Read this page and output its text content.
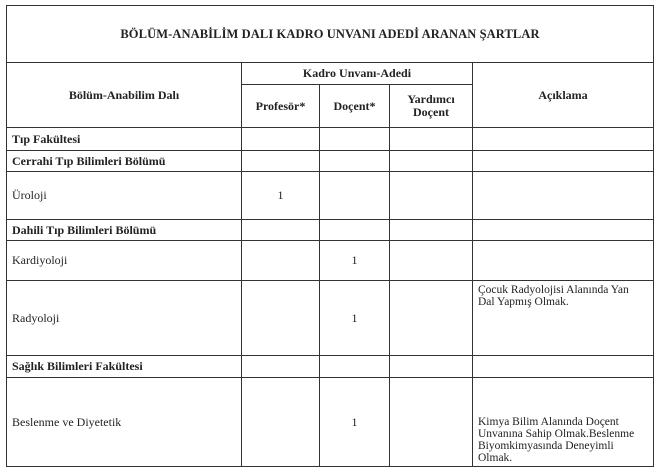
BÖLÜM-ANABİLİM DALI KADRO UNVANI ADEDİ ARANAN ŞARTLAR				
Bölüm-Anabilim Dalı	Kadro Unvanı-Adedi			Açıklama
	Profesör*	Doçent*	Yardımcı Doçent	
Tıp Fakültesi				
Cerrahi Tıp Bilimleri Bölümü				
Üroloji	1			
Dahili Tıp Bilimleri Bölümü				
Kardiyoloji		1		
Radyoloji		1		Çocuk Radyolojisi Alanında Yan Dal Yapmış Olmak.
Sağlık Bilimleri Fakültesi				
Beslenme ve Diyetetik		1		Kimya Bilim Alanında Doçent Unvanına Sahip Olmak.Beslenme Biyomkimyasında Deneyimli Olmak.
